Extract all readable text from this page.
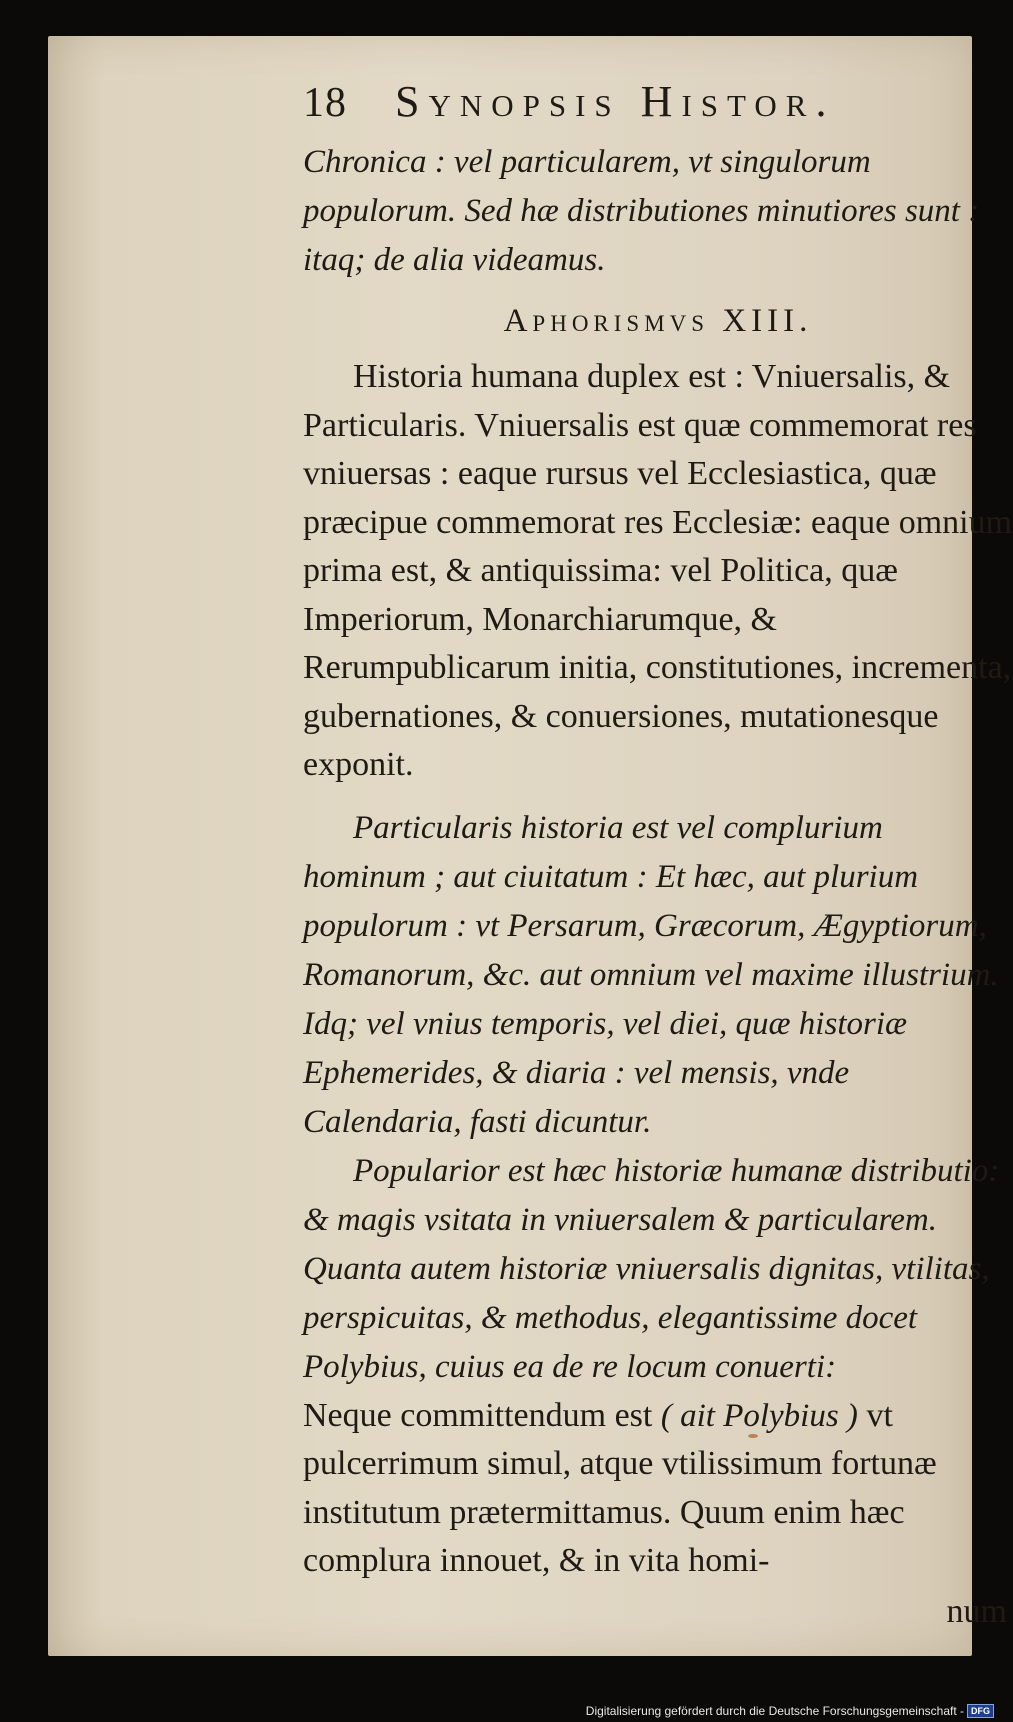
18	Synopsis Histor.

Chronica : vel particularem, vt singulorum populorum. Sed hæ distributiones minutiores sunt : itaq; de alia videamus.

Aphorismvs XIII.

Historia humana duplex est : Vniuersalis, & Particularis. Vniuersalis est quæ commemorat res vniuersas : eaque rursus vel Ecclesiastica, quæ præcipue commemorat res Ecclesiæ: eaque omnium prima est, & antiquissima: vel Politica, quæ Imperiorum, Monarchiarumque, & Rerumpublicarum initia, constitutiones, incrementa, gubernationes, & conuersiones, mutationesque exponit.

Particularis historia est vel complurium hominum ; aut ciuitatum : Et hæc, aut plurium populorum : vt Persarum, Græcorum, Ægyptiorum, Romanorum, &c. aut omnium vel maxime illustrium. Idq; vel vnius temporis, vel diei, quæ historiæ Ephemerides, & diaria : vel mensis, vnde Calendaria, fasti dicuntur.

Popularior est hæc historiæ humanæ distributio: & magis vsitata in vniuersalem & particularem. Quanta autem historiæ vniuersalis dignitas, vtilitas, perspicuitas, & methodus, elegantissime docet Polybius, cuius ea de re locum conuerti:

Neque committendum est ( ait Polybius ) vt pulcerrimum simul, atque vtilissimum fortunæ institutum prætermittamus. Quum enim hæc complura innouet, & in vita homi-

num

Digitalisierung gefördert durch die Deutsche Forschungsgemeinschaft - DFG
